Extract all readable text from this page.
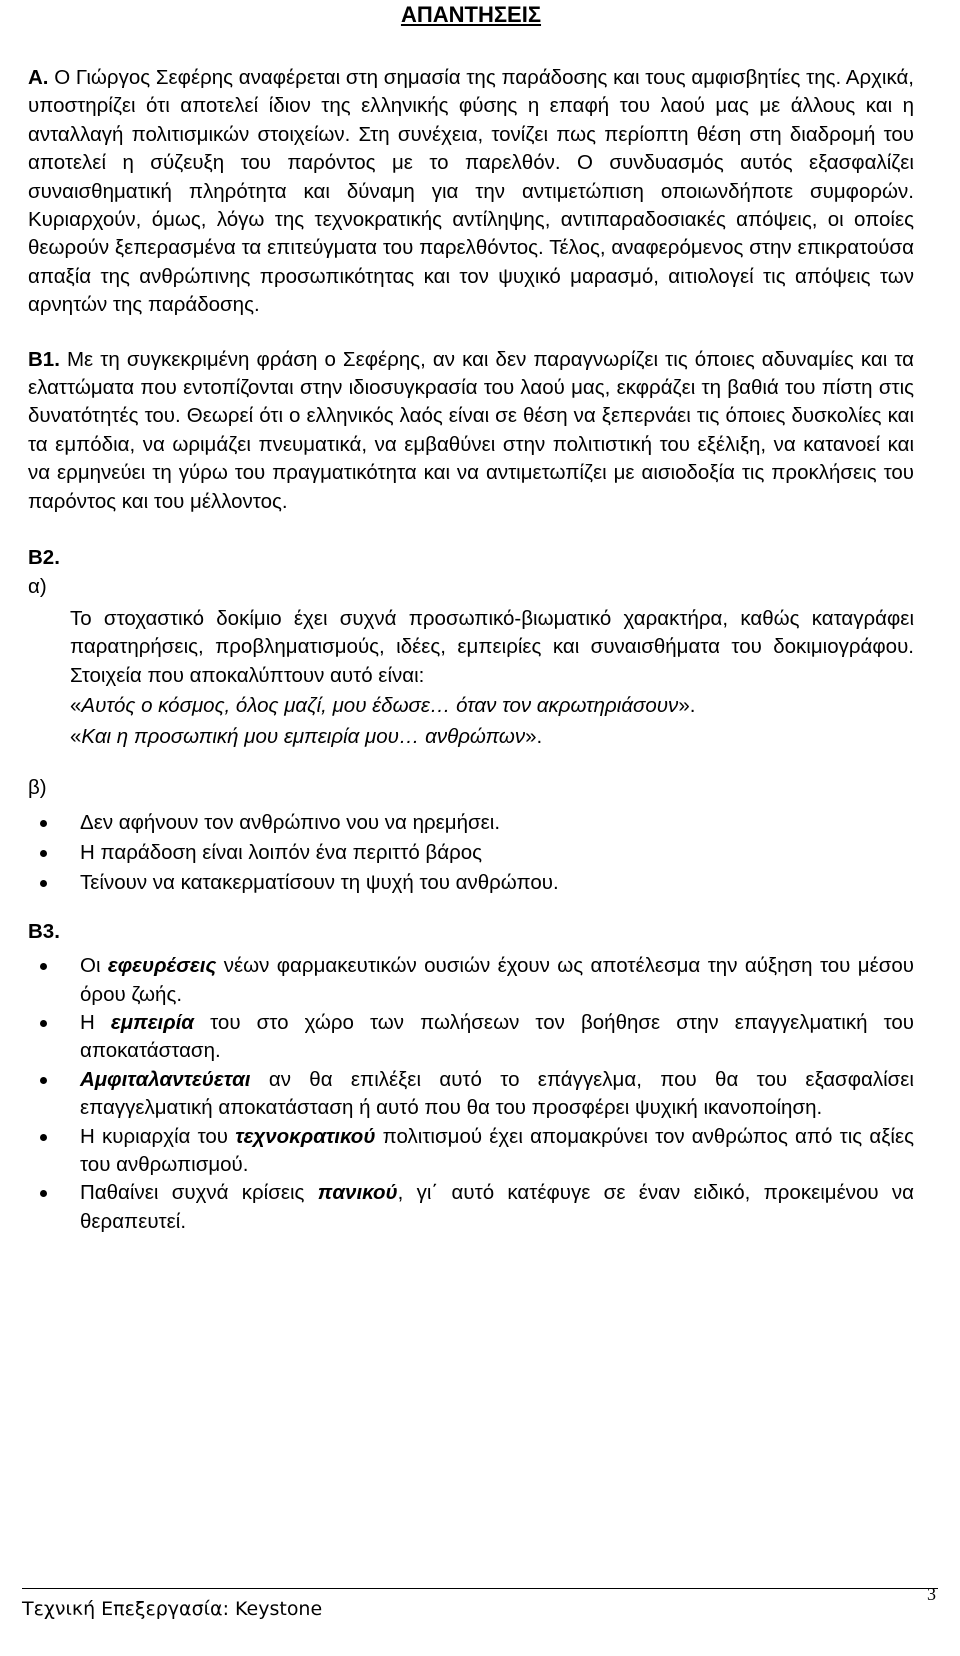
ΑΠΑΝΤΗΣΕΙΣ

Α. Ο Γιώργος Σεφέρης αναφέρεται στη σημασία της παράδοσης και τους αμφισβητίες της. Αρχικά, υποστηρίζει ότι αποτελεί ίδιον της ελληνικής φύσης η επαφή του λαού μας με άλλους και η ανταλλαγή πολιτισμικών στοιχείων. Στη συνέχεια, τονίζει πως περίοπτη θέση στη διαδρομή του αποτελεί η σύζευξη του παρόντος με το παρελθόν. Ο συνδυασμός αυτός εξασφαλίζει συναισθηματική πληρότητα και δύναμη για την αντιμετώπιση οποιωνδήποτε συμφορών. Κυριαρχούν, όμως, λόγω της τεχνοκρατικής αντίληψης, αντιπαραδοσιακές απόψεις, οι οποίες θεωρούν ξεπερασμένα τα επιτεύγματα του παρελθόντος. Τέλος, αναφερόμενος στην επικρατούσα απαξία της ανθρώπινης προσωπικότητας και τον ψυχικό μαρασμό, αιτιολογεί τις απόψεις των αρνητών της παράδοσης.

Β1. Με τη συγκεκριμένη φράση ο Σεφέρης, αν και δεν παραγνωρίζει τις όποιες αδυναμίες και τα ελαττώματα που εντοπίζονται στην ιδιοσυγκρασία του λαού μας, εκφράζει τη βαθιά του πίστη στις δυνατότητές του. Θεωρεί ότι ο ελληνικός λαός είναι σε θέση να ξεπερνάει τις όποιες δυσκολίες και τα εμπόδια, να ωριμάζει πνευματικά, να εμβαθύνει στην πολιτιστική του εξέλιξη, να κατανοεί και να ερμηνεύει τη γύρω του πραγματικότητα και να αντιμετωπίζει με αισιοδοξία τις προκλήσεις του παρόντος και του μέλλοντος.

Β2.
α)
Το στοχαστικό δοκίμιο έχει συχνά προσωπικό-βιωματικό χαρακτήρα, καθώς καταγράφει παρατηρήσεις, προβληματισμούς, ιδέες, εμπειρίες και συναισθήματα του δοκιμιογράφου. Στοιχεία που αποκαλύπτουν αυτό είναι:
«Αυτός ο κόσμος, όλος μαζί, μου έδωσε… όταν τον ακρωτηριάσουν».
«Και η προσωπική μου εμπειρία μου… ανθρώπων».
β)
Δεν αφήνουν τον ανθρώπινο νου να ηρεμήσει.
Η παράδοση είναι λοιπόν ένα περιττό βάρος
Τείνουν να κατακερματίσουν τη ψυχή του ανθρώπου.
Β3.
Οι εφευρέσεις νέων φαρμακευτικών ουσιών έχουν ως αποτέλεσμα την αύξηση του μέσου όρου ζωής.
Η εμπειρία του στο χώρο των πωλήσεων τον βοήθησε στην επαγγελματική του αποκατάσταση.
Αμφιταλαντεύεται αν θα επιλέξει αυτό το επάγγελμα, που θα του εξασφαλίσει επαγγελματική αποκατάσταση ή αυτό που θα του προσφέρει ψυχική ικανοποίηση.
Η κυριαρχία του τεχνοκρατικού πολιτισμού έχει απομακρύνει τον ανθρώπος από τις αξίες του ανθρωπισμού.
Παθαίνει συχνά κρίσεις πανικού, γι΄ αυτό κατέφυγε σε έναν ειδικό, προκειμένου να θεραπευτεί.
Τεχνική Επεξεργασία: Keystone
3
